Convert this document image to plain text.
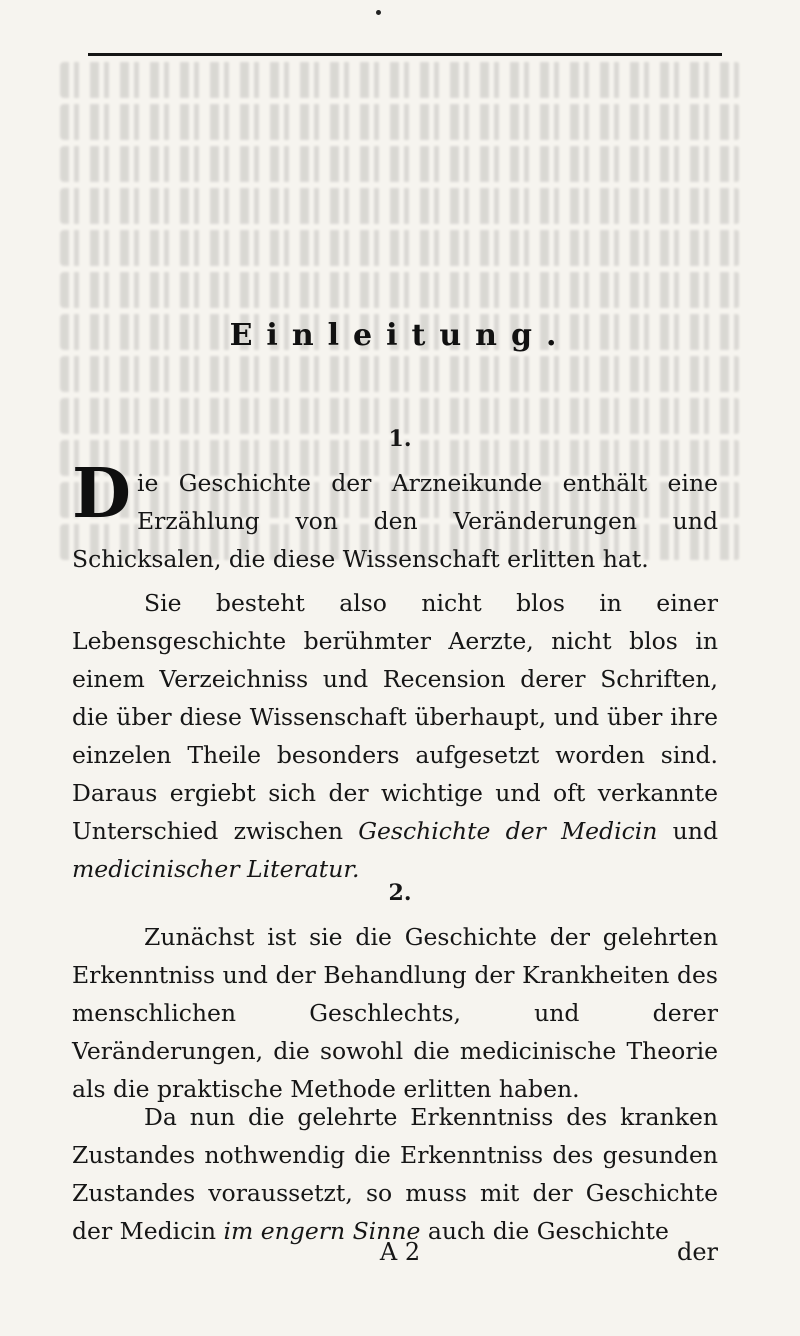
Einleitung.
1.
Die Geschichte der Arzneikunde enthält eine Erzählung von den Veränderungen und Schicksalen, die diese Wissenschaft erlitten hat.
Sie besteht also nicht blos in einer Lebensgeschichte berühmter Aerzte, nicht blos in einem Verzeichniss und Recension derer Schriften, die über diese Wissenschaft überhaupt, und über ihre einzelen Theile besonders aufgesetzt worden sind. Daraus ergiebt sich der wichtige und oft verkannte Unterschied zwischen Geschichte der Medicin und medicinischer Literatur.
2.
Zunächst ist sie die Geschichte der gelehrten Erkenntniss und der Behandlung der Krankheiten des menschlichen Geschlechts, und derer Veränderungen, die sowohl die medicinische Theorie als die praktische Methode erlitten haben.
Da nun die gelehrte Erkenntniss des kranken Zustandes nothwendig die Erkenntniss des gesunden Zustandes voraussetzt, so muss mit der Geschichte der Medicin im engern Sinne auch die Geschichte
A 2	der
